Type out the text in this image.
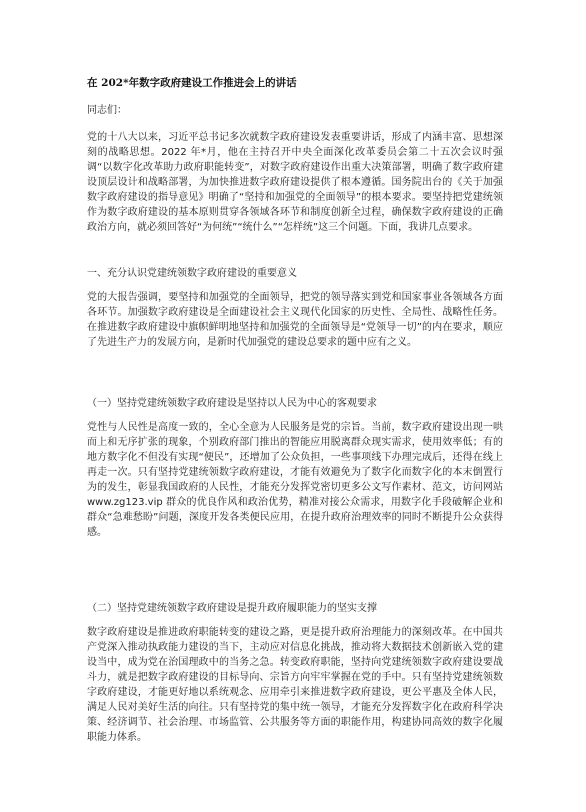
在 202*年数字政府建设工作推进会上的讲话
同志们：
党的十八大以来，习近平总书记多次就数字政府建设发表重要讲话，形成了内涵丰富、思想深刻的战略思想。2022 年*月，他在主持召开中央全面深化改革委员会第二十五次会议时强调“以数字化改革助力政府职能转变”，对数字政府建设作出重大决策部署，明确了数字政府建设顶层设计和战略部署，为加快推进数字政府建设提供了根本遵循。国务院出台的《关于加强数字政府建设的指导意见》明确了“坚持和加强党的全面领导”的根本要求。要坚持把党建统领作为数字政府建设的基本原则贯穿各领域各环节和制度创新全过程，确保数字政府建设的正确政治方向，就必须回答好“为何统”“统什么”“怎样统”这三个问题。下面，我讲几点要求。
一、充分认识党建统领数字政府建设的重要意义
党的大报告强调，要坚持和加强党的全面领导，把党的领导落实到党和国家事业各领域各方面各环节。加强数字政府建设是全面建设社会主义现代化国家的历史性、全局性、战略性任务。在推进数字政府建设中旗帜鲜明地坚持和加强党的全面领导是“党领导一切”的内在要求，顺应了先进生产力的发展方向，是新时代加强党的建设总要求的题中应有之义。
（一）坚持党建统领数字政府建设是坚持以人民为中心的客观要求
党性与人民性是高度一致的，全心全意为人民服务是党的宗旨。当前，数字政府建设出现一哄而上和无序扩张的现象，个别政府部门推出的智能应用脱离群众现实需求，使用效率低；有的地方数字化不但没有实现“便民”，还增加了公众负担，一些事项线下办理完成后，还得在线上再走一次。只有坚持党建统领数字政府建设，才能有效避免为了数字化而数字化的本末倒置行为的发生，彰显我国政府的人民性，才能充分发挥党密切更多公文写作素材、范文，访问网站 www.zg123.vip 群众的优良作风和政治优势，精准对接公众需求，用数字化手段破解企业和群众“急难愁盼”问题，深度开发各类便民应用，在提升政府治理效率的同时不断提升公众获得感。
（二）坚持党建统领数字政府建设是提升政府履职能力的坚实支撑
数字政府建设是推进政府职能转变的建设之路，更是提升政府治理能力的深刻改革。在中国共产党深入推动执政能力建设的当下，主动应对信息化挑战，推动将大数据技术创新嵌入党的建设当中，成为党在治国理政中的当务之急。转变政府职能，坚持向党建统领数字政府建设要战斗力，就是把数字政府建设的目标导向、宗旨方向牢牢掌握在党的手中。只有坚持党建统领数字政府建设，才能更好地以系统观念、应用牵引来推进数字政府建设，更公平惠及全体人民，满足人民对美好生活的向往。只有坚持党的集中统一领导，才能充分发挥数字化在政府科学决策、经济调节、社会治理、市场监管、公共服务等方面的职能作用，构建协同高效的数字化履职能力体系。
